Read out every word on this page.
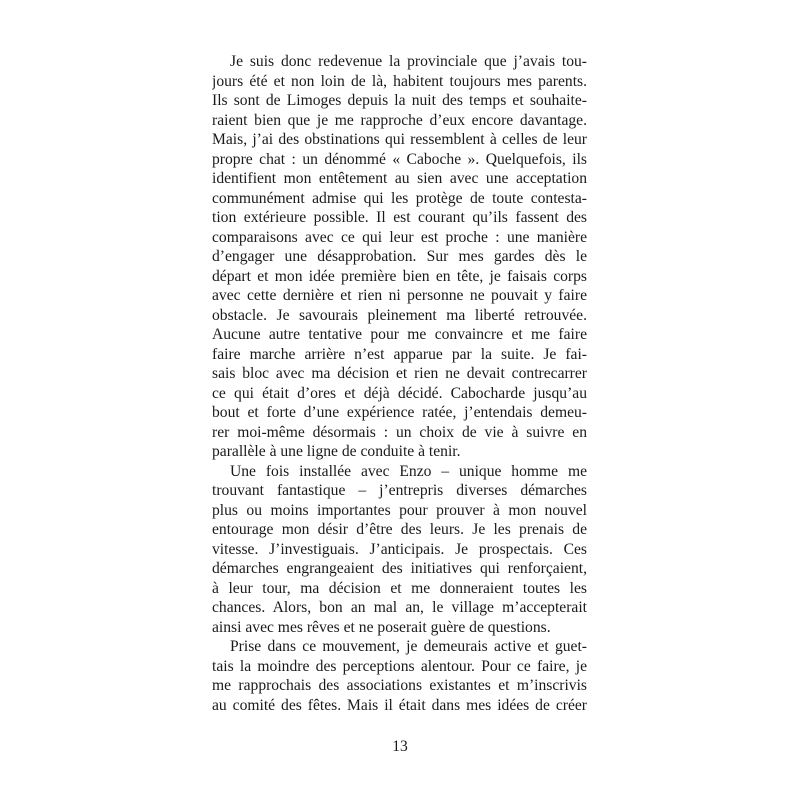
Je suis donc redevenue la provinciale que j’avais tou-
jours été et non loin de là, habitent toujours mes parents.
Ils sont de Limoges depuis la nuit des temps et souhaite-
raient bien que je me rapproche d’eux encore davantage.
Mais, j’ai des obstinations qui ressemblent à celles de leur
propre chat : un dénommé « Caboche ». Quelquefois, ils
identifient mon entêtement au sien avec une acceptation
communément admise qui les protège de toute contesta-
tion extérieure possible. Il est courant qu’ils fassent des
comparaisons avec ce qui leur est proche : une manière
d’engager une désapprobation. Sur mes gardes dès le
départ et mon idée première bien en tête, je faisais corps
avec cette dernière et rien ni personne ne pouvait y faire
obstacle. Je savourais pleinement ma liberté retrouvée.
Aucune autre tentative pour me convaincre et me faire
faire marche arrière n’est apparue par la suite. Je fai-
sais bloc avec ma décision et rien ne devait contrecarrer
ce qui était d’ores et déjà décidé. Cabocharde jusqu’au
bout et forte d’une expérience ratée, j’entendais demeu-
rer moi-même désormais : un choix de vie à suivre en
parallèle à une ligne de conduite à tenir.
Une fois installée avec Enzo – unique homme me
trouvant fantastique – j’entrepris diverses démarches
plus ou moins importantes pour prouver à mon nouvel
entourage mon désir d’être des leurs. Je les prenais de
vitesse. J’investiguais. J’anticipais. Je prospectais. Ces
démarches engrangeaient des initiatives qui renforçaient,
à leur tour, ma décision et me donneraient toutes les
chances. Alors, bon an mal an, le village m’accepterait
ainsi avec mes rêves et ne poserait guère de questions.
Prise dans ce mouvement, je demeurais active et guet-
tais la moindre des perceptions alentour. Pour ce faire, je
me rapprochais des associations existantes et m’inscrivis
au comité des fêtes. Mais il était dans mes idées de créer
13
